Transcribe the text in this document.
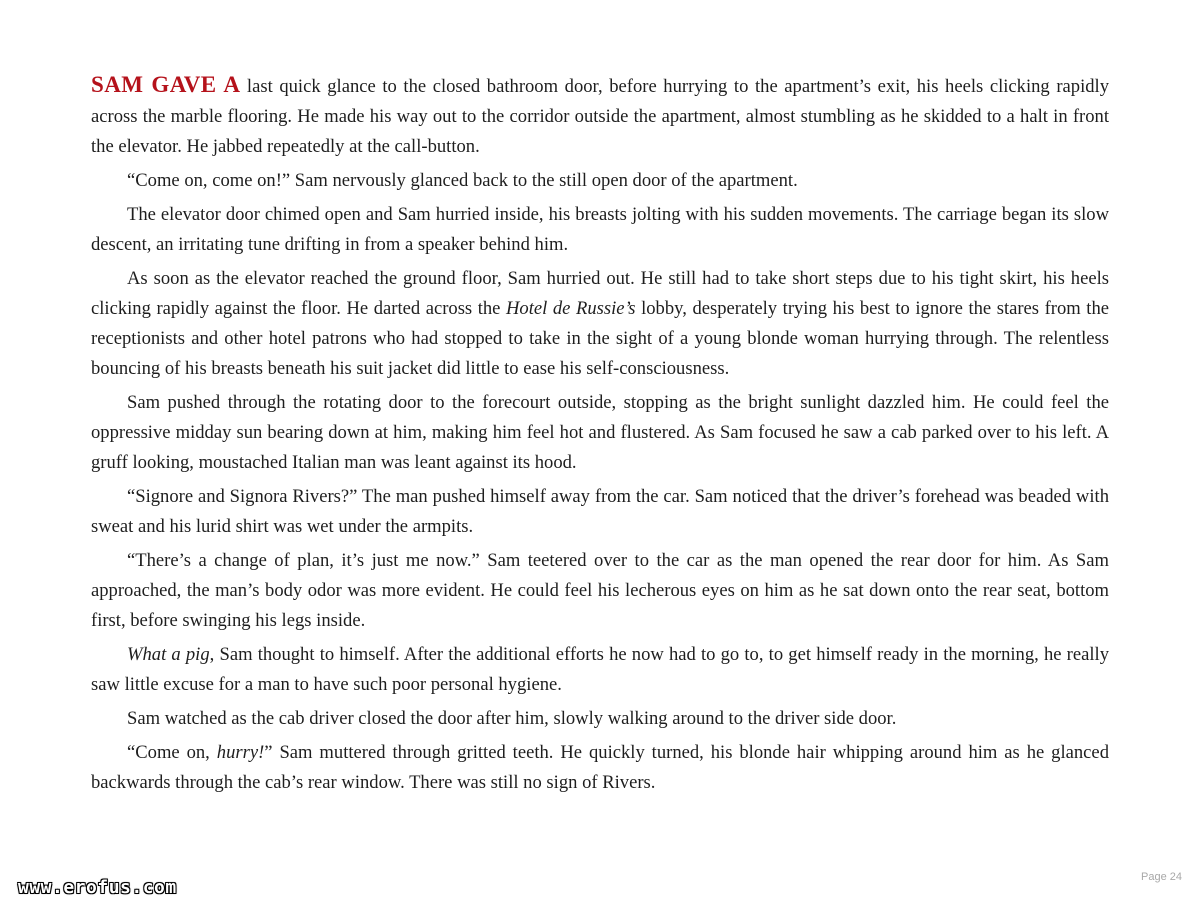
SAM GAVE A last quick glance to the closed bathroom door, before hurrying to the apartment’s exit, his heels clicking rapidly across the marble flooring. He made his way out to the corridor outside the apartment, almost stumbling as he skidded to a halt in front the elevator. He jabbed repeatedly at the call-button.

“Come on, come on!” Sam nervously glanced back to the still open door of the apartment.

The elevator door chimed open and Sam hurried inside, his breasts jolting with his sudden movements. The carriage began its slow descent, an irritating tune drifting in from a speaker behind him.

As soon as the elevator reached the ground floor, Sam hurried out. He still had to take short steps due to his tight skirt, his heels clicking rapidly against the floor. He darted across the Hotel de Russie’s lobby, desperately trying his best to ignore the stares from the receptionists and other hotel patrons who had stopped to take in the sight of a young blonde woman hurrying through. The relentless bouncing of his breasts beneath his suit jacket did little to ease his self-consciousness.

Sam pushed through the rotating door to the forecourt outside, stopping as the bright sunlight dazzled him. He could feel the oppressive midday sun bearing down at him, making him feel hot and flustered. As Sam focused he saw a cab parked over to his left. A gruff looking, moustached Italian man was leant against its hood.

“Signore and Signora Rivers?” The man pushed himself away from the car. Sam noticed that the driver’s forehead was beaded with sweat and his lurid shirt was wet under the armpits.

“There’s a change of plan, it’s just me now.” Sam teetered over to the car as the man opened the rear door for him. As Sam approached, the man’s body odor was more evident. He could feel his lecherous eyes on him as he sat down onto the rear seat, bottom first, before swinging his legs inside.

What a pig, Sam thought to himself. After the additional efforts he now had to go to, to get himself ready in the morning, he really saw little excuse for a man to have such poor personal hygiene.

Sam watched as the cab driver closed the door after him, slowly walking around to the driver side door.

“Come on, hurry!” Sam muttered through gritted teeth. He quickly turned, his blonde hair whipping around him as he glanced backwards through the cab’s rear window. There was still no sign of Rivers.

Page 24
www.erofus.com
